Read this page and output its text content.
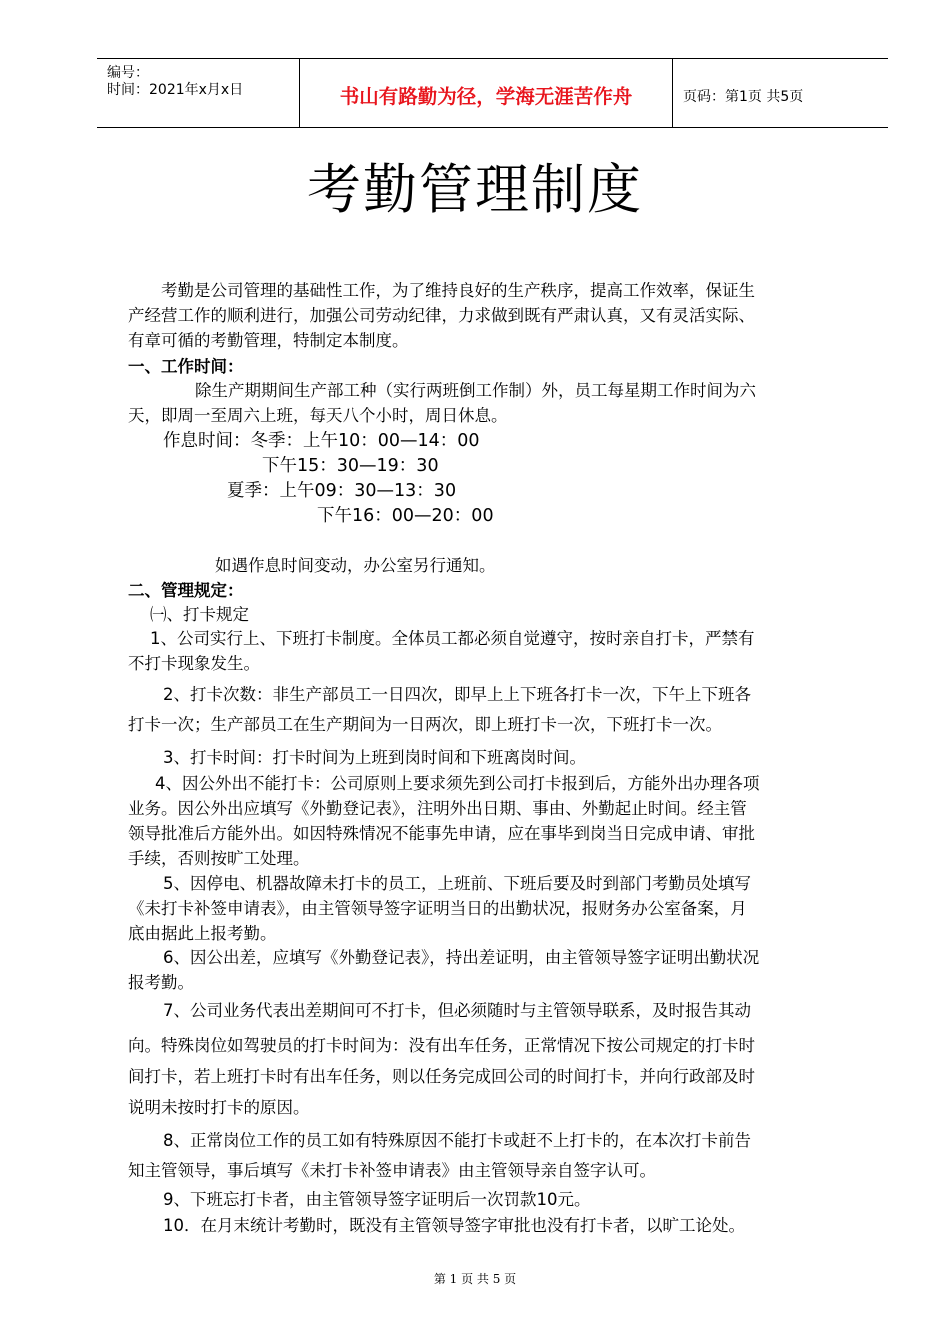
编号：
时间：2021年x月x日	书山有路勤为径，学海无涯苦作舟	页码：第1页 共5页
考勤管理制度
考勤是公司管理的基础性工作，为了维持良好的生产秩序，提高工作效率，保证生
产经营工作的顺利进行，加强公司劳动纪律，力求做到既有严肃认真，又有灵活实际、
有章可循的考勤管理，特制定本制度。
一、工作时间：
除生产期期间生产部工种（实行两班倒工作制）外，员工每星期工作时间为六
天，即周一至周六上班，每天八个小时，周日休息。
作息时间：冬季：上午10：00—14：00
下午15：30—19：30
夏季：上午09：30—13：30
下午16：00—20：00
如遇作息时间变动，办公室另行通知。
二、管理规定：
㈠、打卡规定
1、公司实行上、下班打卡制度。全体员工都必须自觉遵守，按时亲自打卡，严禁有
不打卡现象发生。
2、打卡次数：非生产部员工一日四次，即早上上下班各打卡一次，下午上下班各
打卡一次；生产部员工在生产期间为一日两次，即上班打卡一次，下班打卡一次。
3、打卡时间：打卡时间为上班到岗时间和下班离岗时间。
4、因公外出不能打卡：公司原则上要求须先到公司打卡报到后，方能外出办理各项
业务。因公外出应填写《外勤登记表》，注明外出日期、事由、外勤起止时间。经主管
领导批准后方能外出。如因特殊情况不能事先申请，应在事毕到岗当日完成申请、审批
手续，否则按旷工处理。
5、因停电、机器故障未打卡的员工，上班前、下班后要及时到部门考勤员处填写
《未打卡补签申请表》，由主管领导签字证明当日的出勤状况，报财务办公室备案，月
底由据此上报考勤。
6、因公出差，应填写《外勤登记表》，持出差证明，由主管领导签字证明出勤状况
报考勤。
7、公司业务代表出差期间可不打卡，但必须随时与主管领导联系，及时报告其动
向。特殊岗位如驾驶员的打卡时间为：没有出车任务，正常情况下按公司规定的打卡时
间打卡，若上班打卡时有出车任务，则以任务完成回公司的时间打卡，并向行政部及时
说明未按时打卡的原因。
8、正常岗位工作的员工如有特殊原因不能打卡或赶不上打卡的，在本次打卡前告
知主管领导，事后填写《未打卡补签申请表》由主管领导亲自签字认可。
9、下班忘打卡者，由主管领导签字证明后一次罚款10元。
10．在月末统计考勤时，既没有主管领导签字审批也没有打卡者，以旷工论处。
第 1 页 共 5 页
